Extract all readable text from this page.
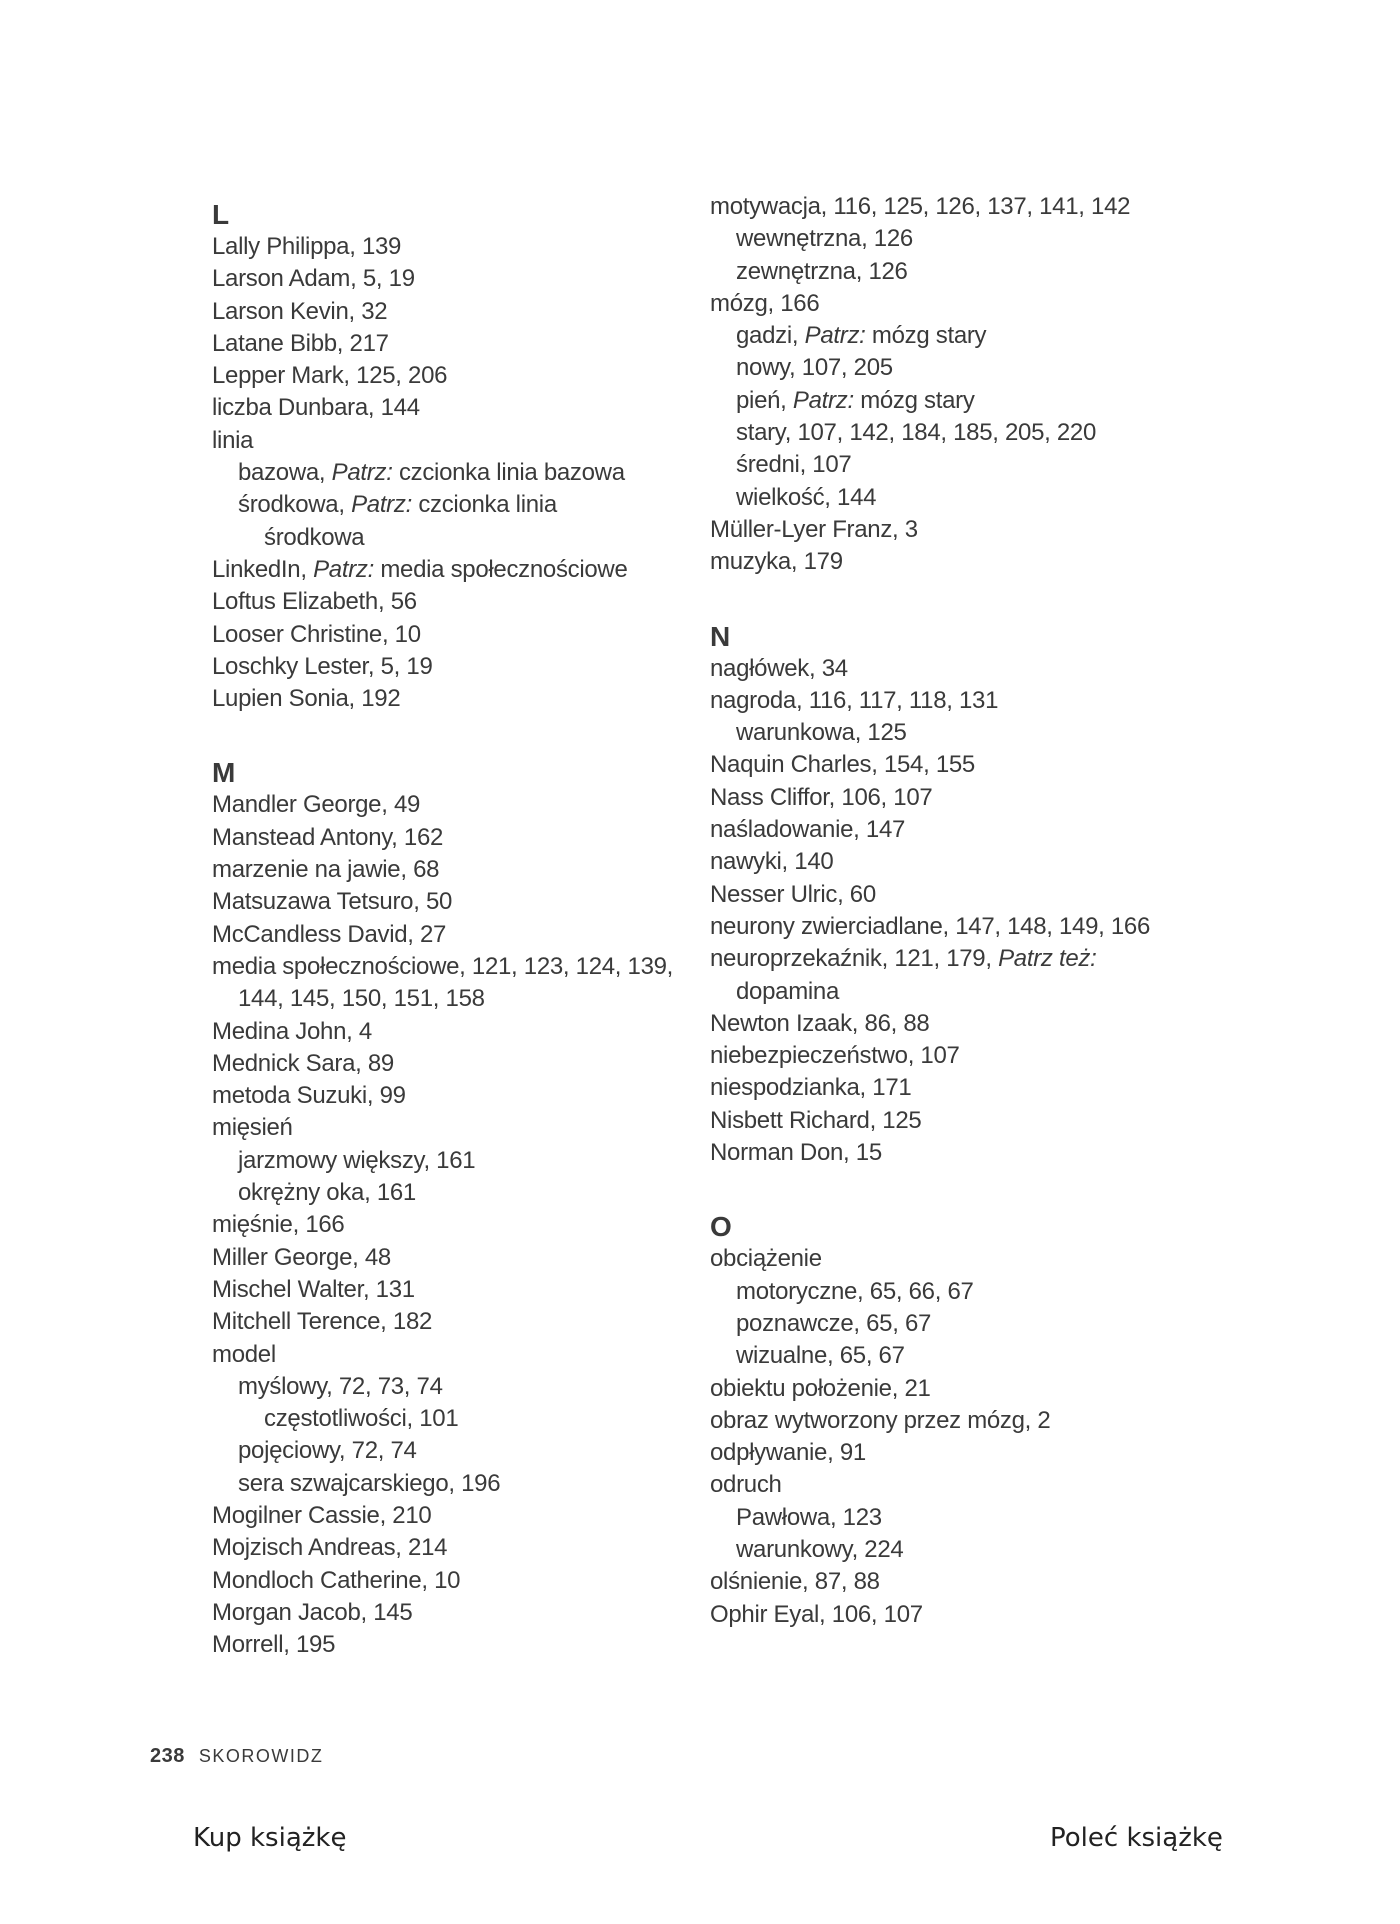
L
Lally Philippa, 139
Larson Adam, 5, 19
Larson Kevin, 32
Latane Bibb, 217
Lepper Mark, 125, 206
liczba Dunbara, 144
linia
bazowa, Patrz: czcionka linia bazowa
środkowa, Patrz: czcionka linia
środkowa
LinkedIn, Patrz: media społecznościowe
Loftus Elizabeth, 56
Looser Christine, 10
Loschky Lester, 5, 19
Lupien Sonia, 192
M
Mandler George, 49
Manstead Antony, 162
marzenie na jawie, 68
Matsuzawa Tetsuro, 50
McCandless David, 27
media społecznościowe, 121, 123, 124, 139,
144, 145, 150, 151, 158
Medina John, 4
Mednick Sara, 89
metoda Suzuki, 99
mięsień
jarzmowy większy, 161
okrężny oka, 161
mięśnie, 166
Miller George, 48
Mischel Walter, 131
Mitchell Terence, 182
model
myślowy, 72, 73, 74
częstotliwości, 101
pojęciowy, 72, 74
sera szwajcarskiego, 196
Mogilner Cassie, 210
Mojzisch Andreas, 214
Mondloch Catherine, 10
Morgan Jacob, 145
Morrell, 195
motywacja, 116, 125, 126, 137, 141, 142
wewnętrzna, 126
zewnętrzna, 126
mózg, 166
gadzi, Patrz: mózg stary
nowy, 107, 205
pień, Patrz: mózg stary
stary, 107, 142, 184, 185, 205, 220
średni, 107
wielkość, 144
Müller-Lyer Franz, 3
muzyka, 179
N
nagłówek, 34
nagroda, 116, 117, 118, 131
warunkowa, 125
Naquin Charles, 154, 155
Nass Cliffor, 106, 107
naśladowanie, 147
nawyki, 140
Nesser Ulric, 60
neurony zwierciadlane, 147, 148, 149, 166
neuroprzekaźnik, 121, 179, Patrz też:
dopamina
Newton Izaak, 86, 88
niebezpieczeństwo, 107
niespodzianka, 171
Nisbett Richard, 125
Norman Don, 15
O
obciążenie
motoryczne, 65, 66, 67
poznawcze, 65, 67
wizualne, 65, 67
obiektu położenie, 21
obraz wytworzony przez mózg, 2
odpływanie, 91
odruch
Pawłowa, 123
warunkowy, 224
olśnienie, 87, 88
Ophir Eyal, 106, 107
238 SKOROWIDZ
Kup książkę	Poleć książkę
